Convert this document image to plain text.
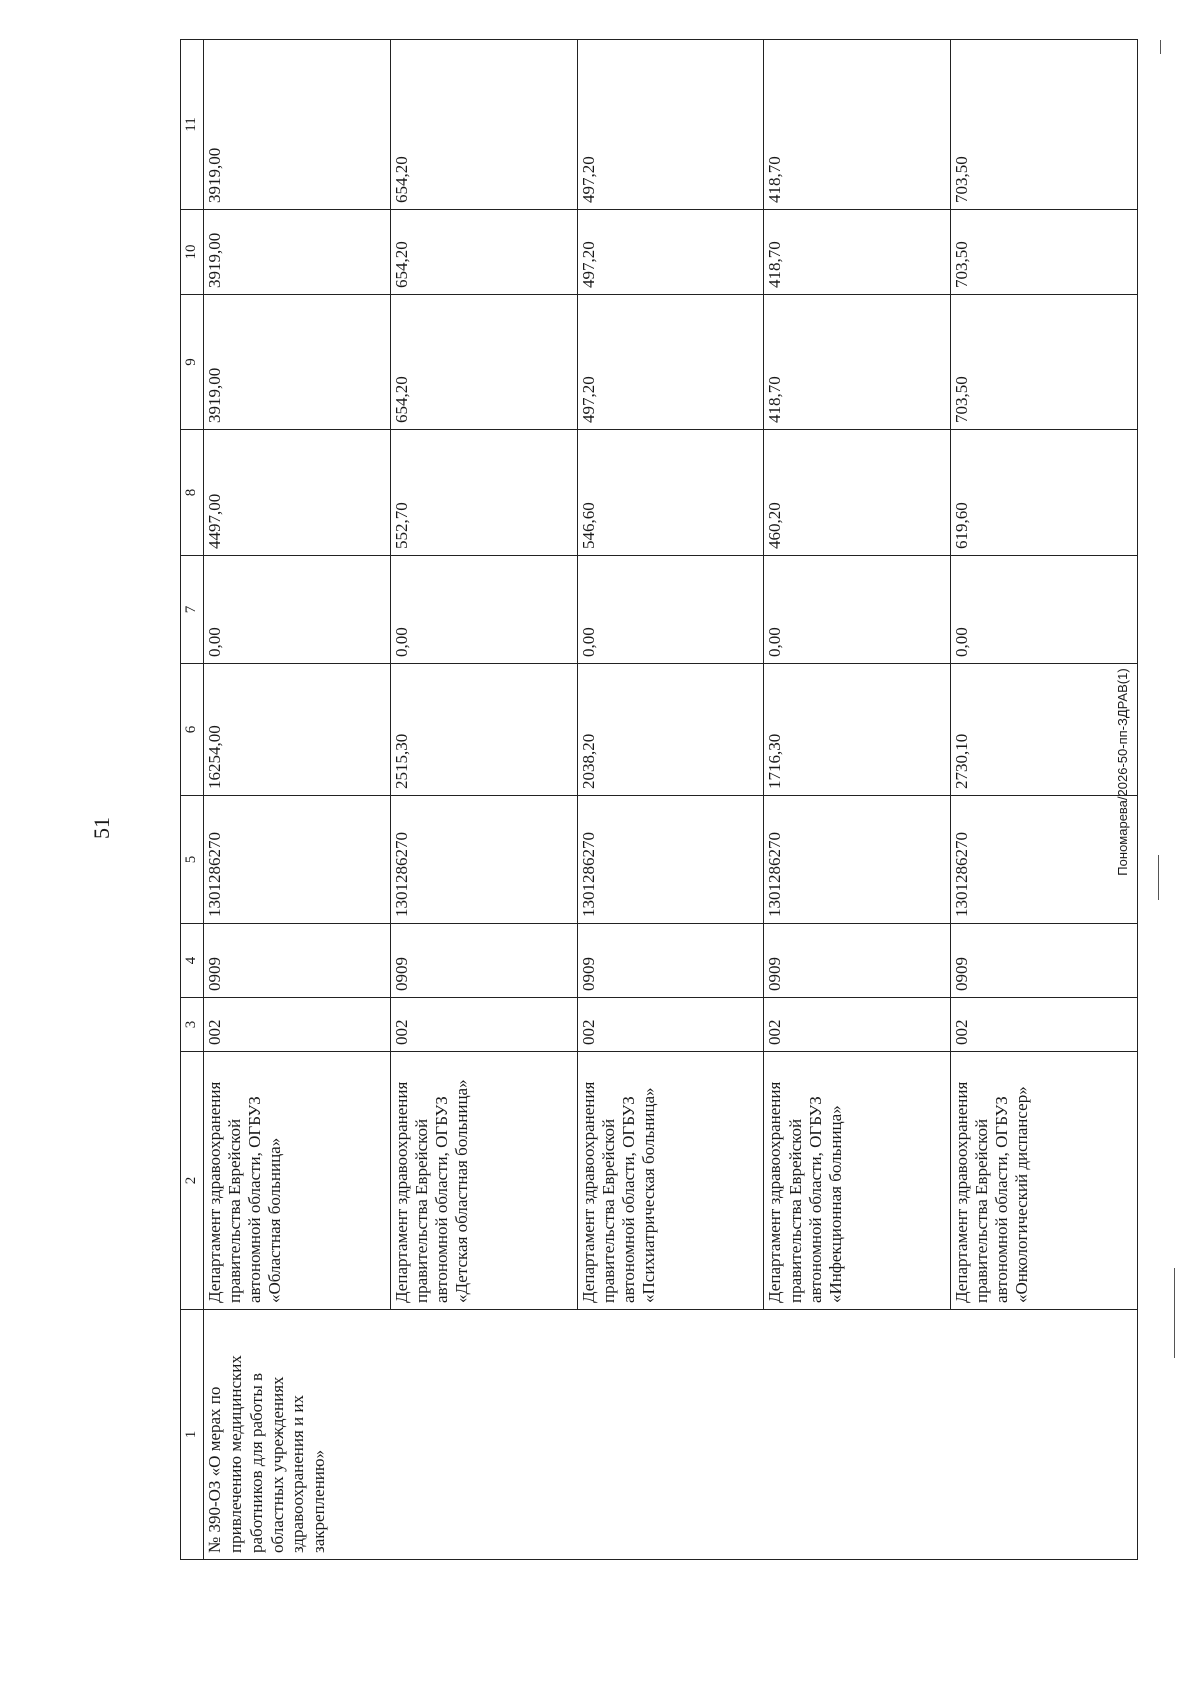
51	Пономарева/2026-50-пп-ЗДРАВ(1)
1	2	3	4	5	6	7	8	9	10	11
№ 390-ОЗ «О мерах по привлечению медицинских работников для работы в областных учреждениях здравоохранения и их закреплению»	Департамент здравоохранения правительства Еврейской автономной области, ОГБУЗ «Областная больница»	002	0909	1301286270	16254,00	0,00	4497,00	3919,00	3919,00	3919,00
	Департамент здравоохранения правительства Еврейской автономной области, ОГБУЗ «Детская областная больница»	002	0909	1301286270	2515,30	0,00	552,70	654,20	654,20	654,20
	Департамент здравоохранения правительства Еврейской автономной области, ОГБУЗ «Психиатрическая больница»	002	0909	1301286270	2038,20	0,00	546,60	497,20	497,20	497,20
	Департамент здравоохранения правительства Еврейской автономной области, ОГБУЗ «Инфекционная больница»	002	0909	1301286270	1716,30	0,00	460,20	418,70	418,70	418,70
	Департамент здравоохранения правительства Еврейской автономной области, ОГБУЗ «Онкологический диспансер»	002	0909	1301286270	2730,10	0,00	619,60	703,50	703,50	703,50
